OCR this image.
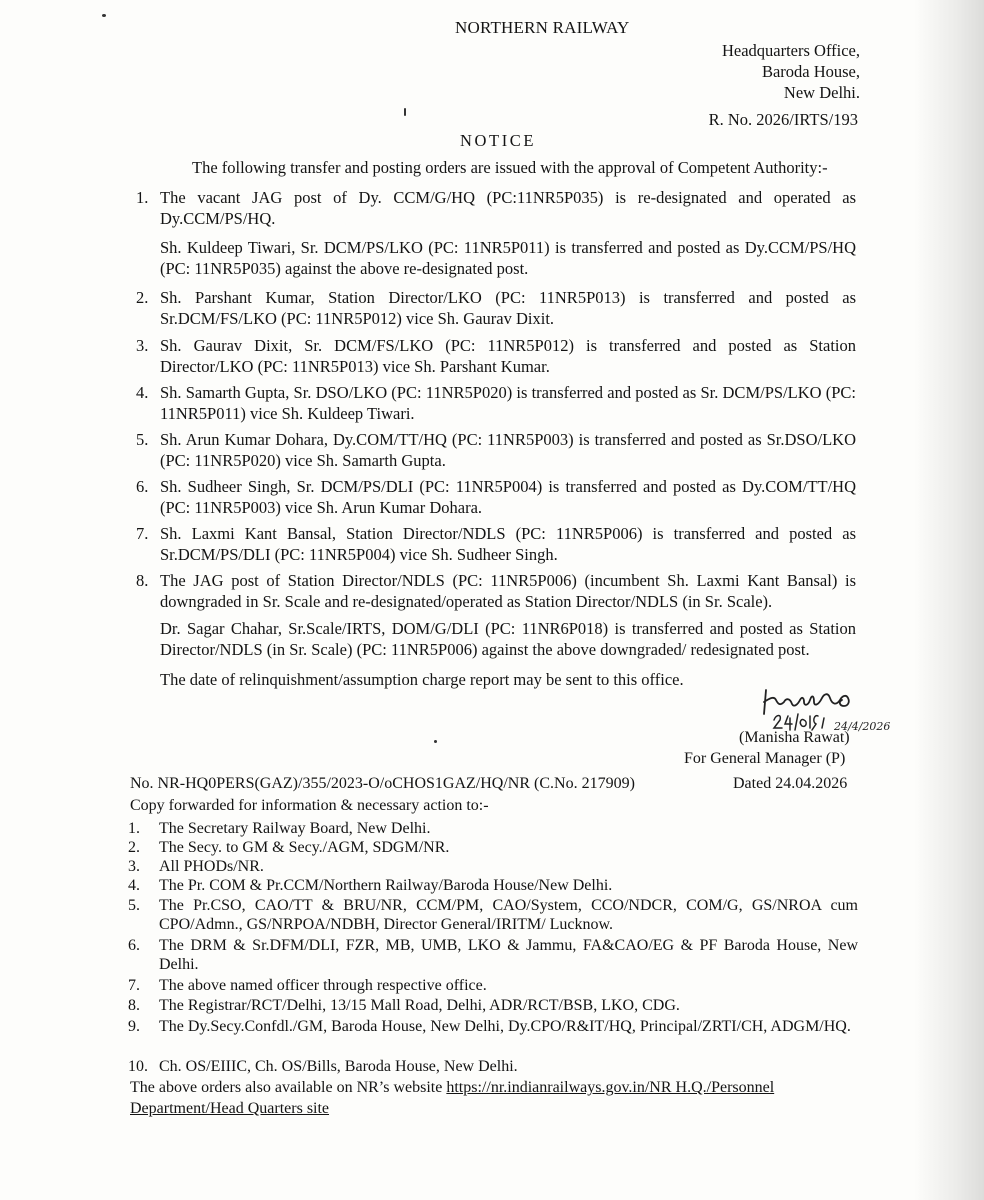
NORTHERN RAILWAY
Headquarters Office,
Baroda House,
New Delhi.
R. No. 2026/IRTS/193
NOTICE
The following transfer and posting orders are issued with the approval of Competent Authority:-
1. The vacant JAG post of Dy. CCM/G/HQ (PC:11NR5P035) is re-designated and operated as Dy.CCM/PS/HQ.
Sh. Kuldeep Tiwari, Sr. DCM/PS/LKO (PC: 11NR5P011) is transferred and posted as Dy.CCM/PS/HQ (PC: 11NR5P035) against the above re-designated post.
2. Sh. Parshant Kumar, Station Director/LKO (PC: 11NR5P013) is transferred and posted as Sr.DCM/FS/LKO (PC: 11NR5P012) vice Sh. Gaurav Dixit.
3. Sh. Gaurav Dixit, Sr. DCM/FS/LKO (PC: 11NR5P012) is transferred and posted as Station Director/LKO (PC: 11NR5P013) vice Sh. Parshant Kumar.
4. Sh. Samarth Gupta, Sr. DSO/LKO (PC: 11NR5P020) is transferred and posted as Sr. DCM/PS/LKO (PC: 11NR5P011) vice Sh. Kuldeep Tiwari.
5. Sh. Arun Kumar Dohara, Dy.COM/TT/HQ (PC: 11NR5P003) is transferred and posted as Sr.DSO/LKO (PC: 11NR5P020) vice Sh. Samarth Gupta.
6. Sh. Sudheer Singh, Sr. DCM/PS/DLI (PC: 11NR5P004) is transferred and posted as Dy.COM/TT/HQ (PC: 11NR5P003) vice Sh. Arun Kumar Dohara.
7. Sh. Laxmi Kant Bansal, Station Director/NDLS (PC: 11NR5P006) is transferred and posted as Sr.DCM/PS/DLI (PC: 11NR5P004) vice Sh. Sudheer Singh.
8. The JAG post of Station Director/NDLS (PC: 11NR5P006) (incumbent Sh. Laxmi Kant Bansal) is downgraded in Sr. Scale and re-designated/operated as Station Director/NDLS (in Sr. Scale).
Dr. Sagar Chahar, Sr.Scale/IRTS, DOM/G/DLI (PC: 11NR6P018) is transferred and posted as Station Director/NDLS (in Sr. Scale) (PC: 11NR5P006) against the above downgraded/ redesignated post.
The date of relinquishment/assumption charge report may be sent to this office.
24/4/2026
(Manisha Rawat)
For General Manager (P)
No. NR-HQ0PERS(GAZ)/355/2023-O/oCHOS1GAZ/HQ/NR (C.No. 217909)	Dated 24.04.2026
Copy forwarded for information & necessary action to:-
1.	The Secretary Railway Board, New Delhi.
2.	The Secy. to GM & Secy./AGM, SDGM/NR.
3.	All PHODs/NR.
4.	The Pr. COM & Pr.CCM/Northern Railway/Baroda House/New Delhi.
5.	The Pr.CSO, CAO/TT & BRU/NR, CCM/PM, CAO/System, CCO/NDCR, COM/G, GS/NROA cum CPO/Admn., GS/NRPOA/NDBH, Director General/IRITM/ Lucknow.
6.	The DRM & Sr.DFM/DLI, FZR, MB, UMB, LKO & Jammu, FA&CAO/EG & PF Baroda House, New Delhi.
7.	The above named officer through respective office.
8.	The Registrar/RCT/Delhi, 13/15 Mall Road, Delhi, ADR/RCT/BSB, LKO, CDG.
9.	The Dy.Secy.Confdl./GM, Baroda House, New Delhi, Dy.CPO/R&IT/HQ, Principal/ZRTI/CH, ADGM/HQ.
10. Ch. OS/EIIIC, Ch. OS/Bills, Baroda House, New Delhi.
The above orders also available on NR’s website https://nr.indianrailways.gov.in/NR H.Q./Personnel Department/Head Quarters site
